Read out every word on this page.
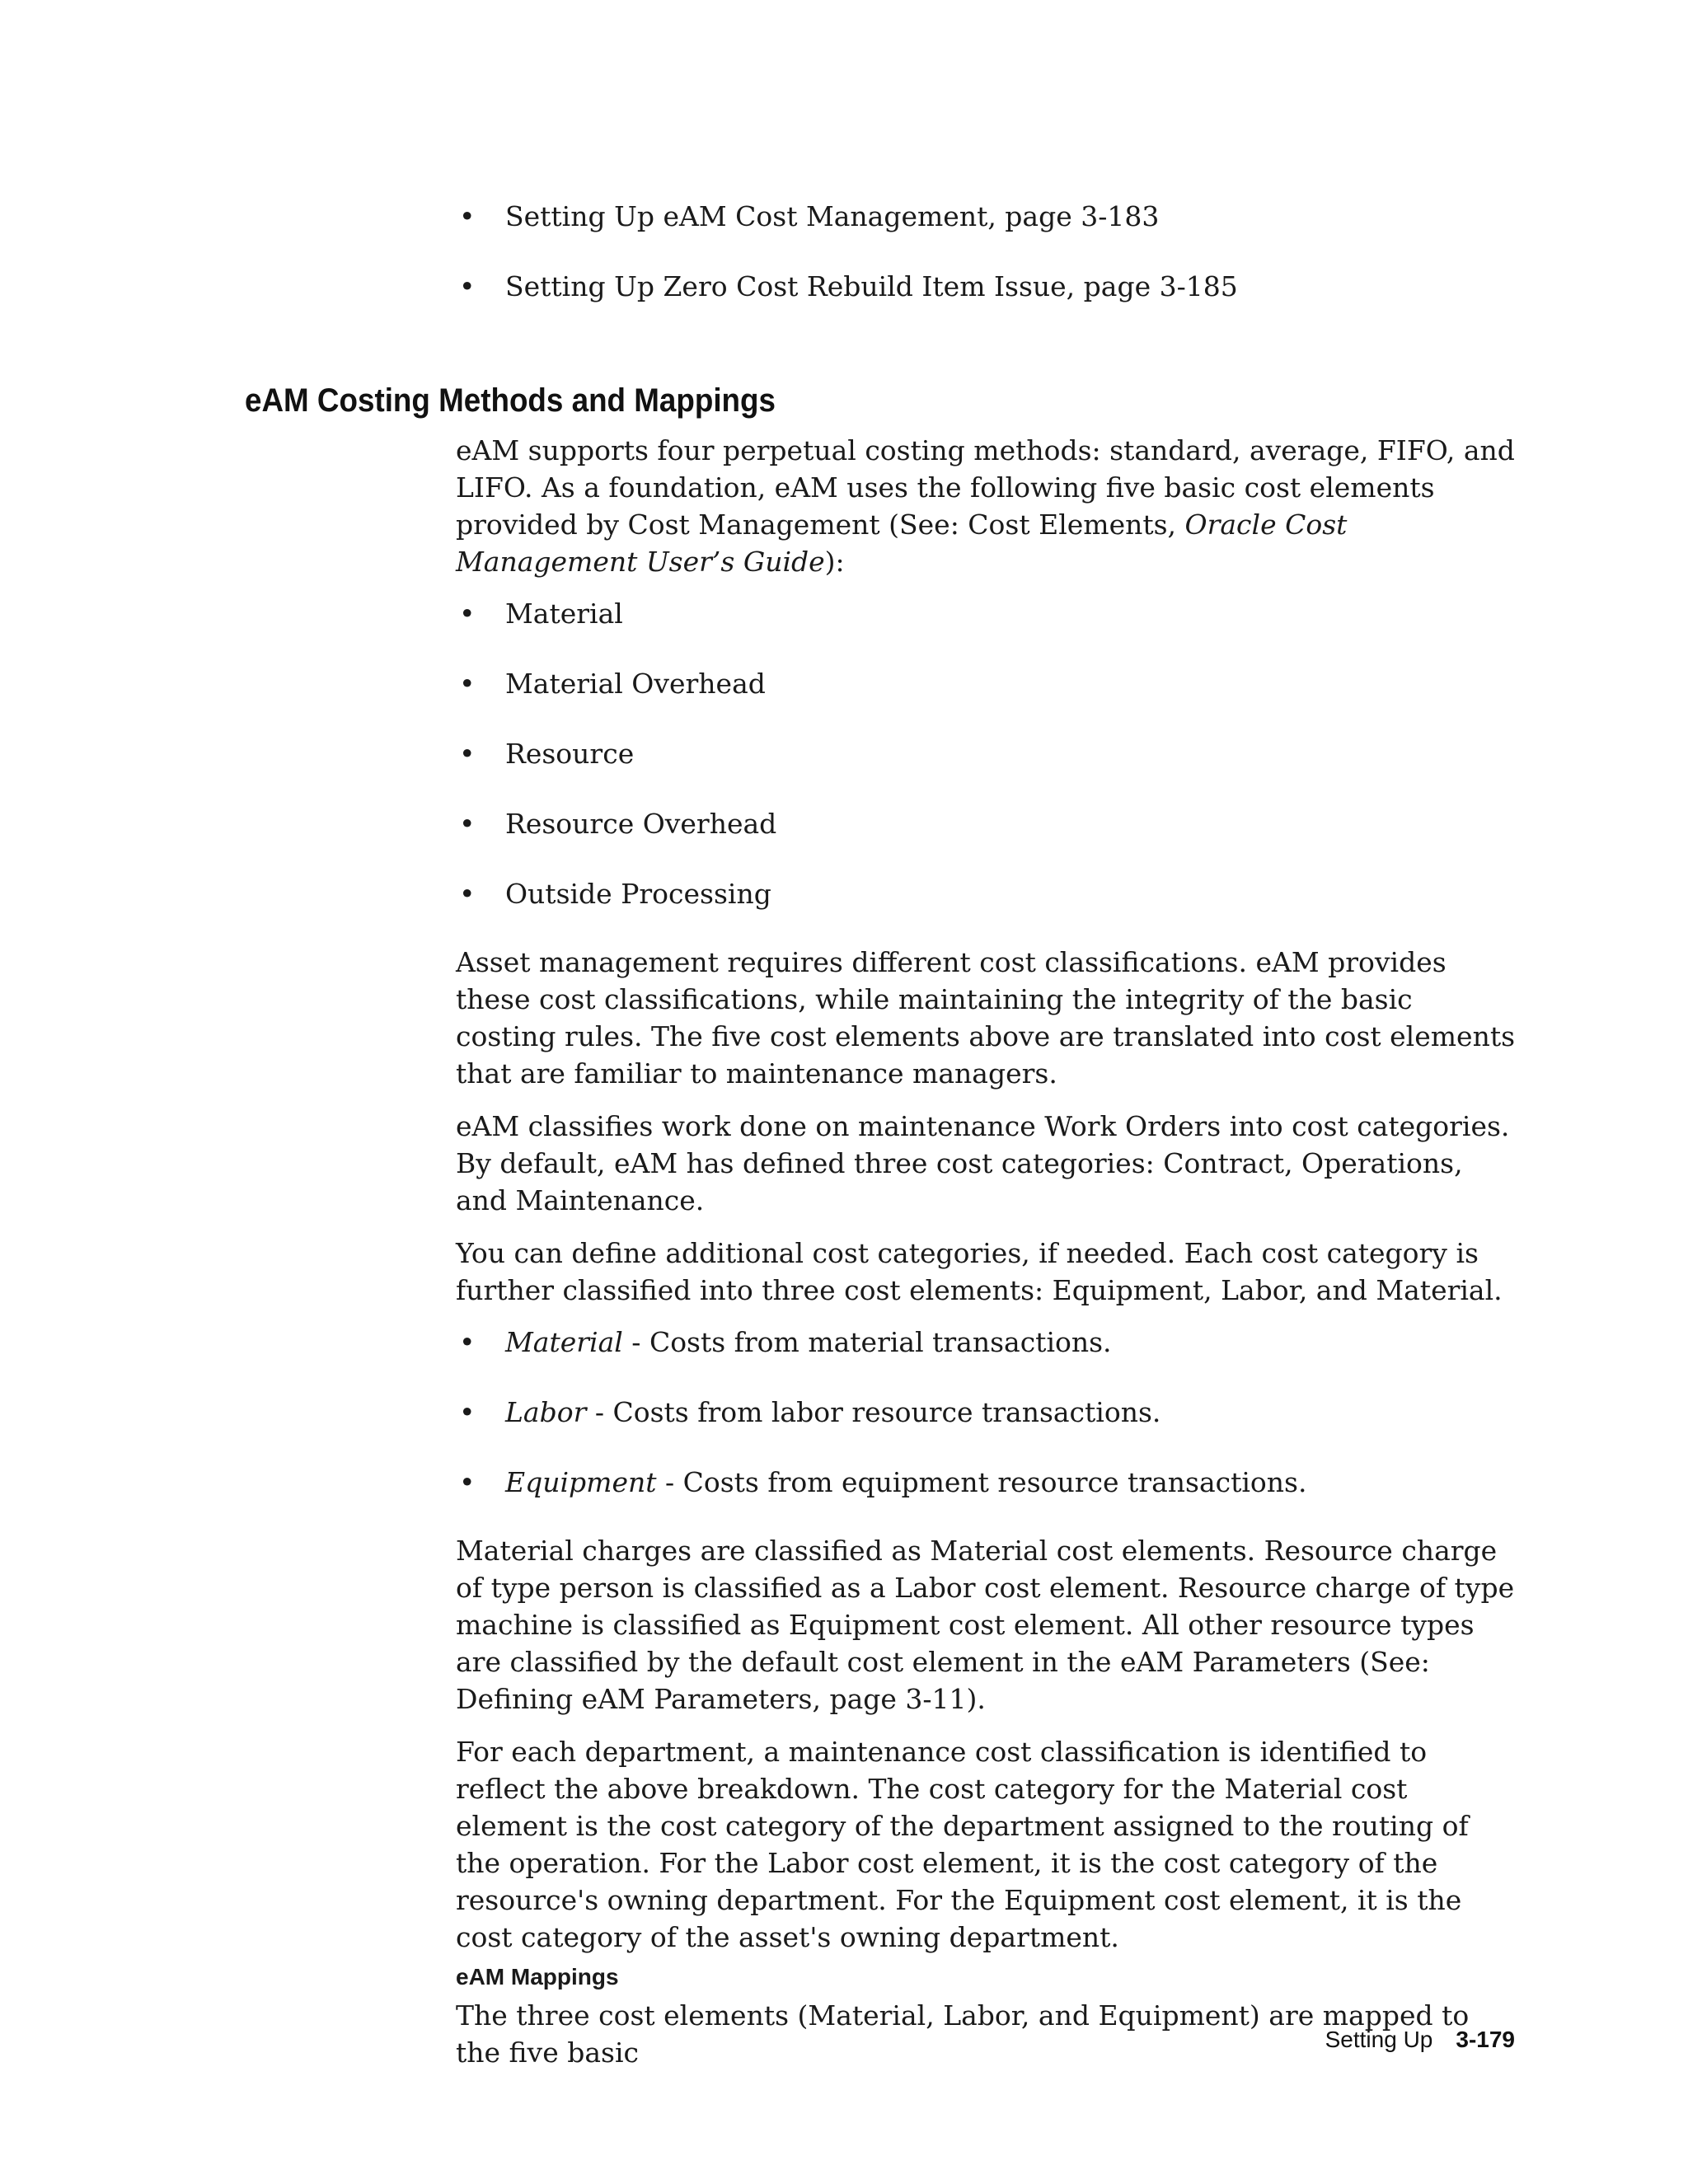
• Setting Up eAM Cost Management, page 3-183

• Setting Up Zero Cost Rebuild Item Issue, page 3-185

eAM Costing Methods and Mappings

eAM supports four perpetual costing methods: standard, average, FIFO, and LIFO. As a foundation, eAM uses the following five basic cost elements provided by Cost Management (See: Cost Elements, Oracle Cost Management User’s Guide):

• Material

• Material Overhead

• Resource

• Resource Overhead

• Outside Processing

Asset management requires different cost classifications. eAM provides these cost classifications, while maintaining the integrity of the basic costing rules. The five cost elements above are translated into cost elements that are familiar to maintenance managers.

eAM classifies work done on maintenance Work Orders into cost categories. By default, eAM has defined three cost categories: Contract, Operations, and Maintenance.

You can define additional cost categories, if needed. Each cost category is further classified into three cost elements: Equipment, Labor, and Material.

• Material - Costs from material transactions.

• Labor - Costs from labor resource transactions.

• Equipment - Costs from equipment resource transactions.

Material charges are classified as Material cost elements. Resource charge of type person is classified as a Labor cost element. Resource charge of type machine is classified as Equipment cost element. All other resource types are classified by the default cost element in the eAM Parameters (See: Defining eAM Parameters, page 3-11).

For each department, a maintenance cost classification is identified to reflect the above breakdown. The cost category for the Material cost element is the cost category of the department assigned to the routing of the operation. For the Labor cost element, it is the cost category of the resource's owning department. For the Equipment cost element, it is the cost category of the asset's owning department.

eAM Mappings

The three cost elements (Material, Labor, and Equipment) are mapped to the five basic	Setting Up 3-179
